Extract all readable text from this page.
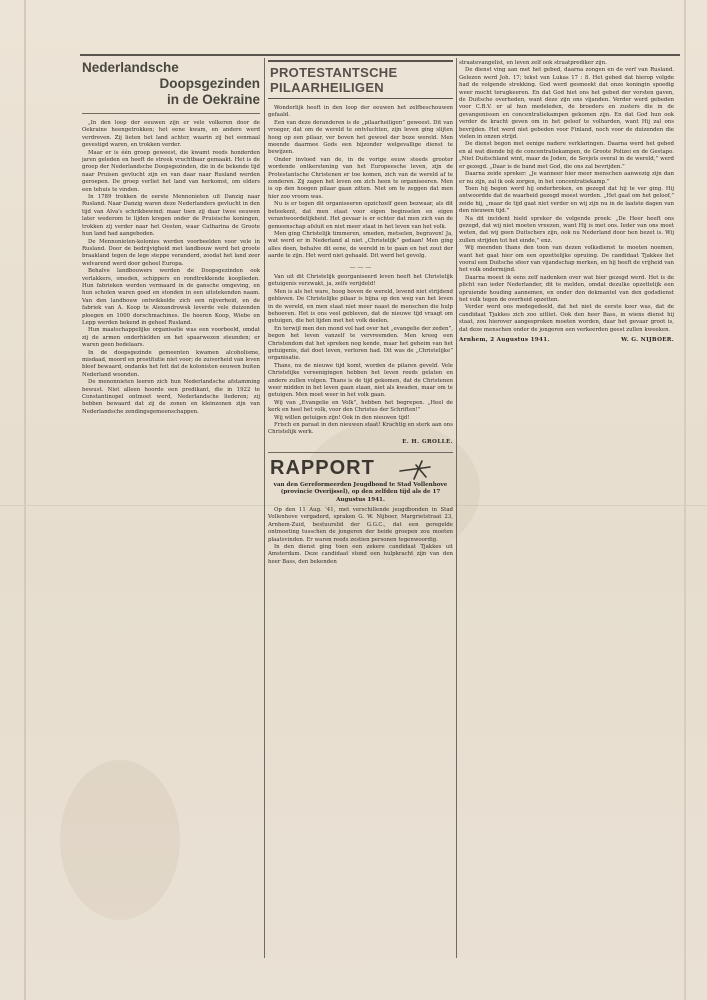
Nederlandsche
Doopsgezinden
in de Oekraine

„In den loop der eeuwen zijn er vele volkeren door de Oekraine heengetrokken; het eene kwam, en andere werd verdreven. Zij lieten het land achter, waarin zij het eenmaal gevestigd waren, en trokken verder.

Maar er is één groep geweest, die kwamt reeds honderden jaren geleden en heeft de streek vruchtbaar gemaakt. Het is de groep der Nederlandsche Doopsgezinden, die in de bekende tijd naar Pruisen gevlucht zijn en van daar naar Rusland werden geroepen. De groep verliet het land van herkomst, om elders een tehuis te vinden.

In 1789 trokken de eerste Mennonieten uit Danzig naar Rusland. Naar Danzig waren deze Nederlanders gevlucht in den tijd van Alva's schrikbewind; maar toen zij daar twee eeuwen later wederom te lijden kregen onder de Pruisische koningen, trokken zij verder naar het Oosten, waar Catharina de Groote hun land had aangeboden.

De Mennonieten-kolonies werden voorbeelden voor vele in Rusland. Door de bedrijvigheid met landbouw werd het groote braakland tegen de lege steppe veranderd, zoodat het land zeer welvarend werd door geheel Europa.

Behalve landbouwers werden de Doopsgezinden ook verlakkers, smeden, schippers en rondtrekkende kooplieden. Hun fabrieken werden vermaard in de gansche omgeving, en hun scholen waren goed en stonden in een uitstekenden naam. Van den landbouw ontwikkelde zich een nijverheid, en de fabriek van A. Koop te Alexandrowsk leverde vele duizenden ploegen en 1000 dorschmachines. De heeren Koop, Wiebe en Lepp werden bekend in geheel Rusland.

Hun maatschappelijke organisatie was een voorbeeld, omdat zij de armen onderhielden en het spaarwezen steunden; er waren geen bedelaars.

In de doopsgezinde gemeenten kwamen alcoholisme, misdaad, moord en prostitutie niet voor; de zuiverheid van leven bleef bewaard, ondanks het feit dat de kolonisten eeuwen buiten Nederland woonden.

De menonnieten leeren zich hun Nederlandsche afstamming bewust. Niet alleen hoorde een predikant, die in 1922 te Constantinopel ontmoet werd, Nederlandsche liederen; zij hebben bewaard dat zij de zonen en kleinzonen zijn van Nederlandsche zendingsgemeenschappen.

PROTESTANTSCHE
PILAARHEILIGEN

Wonderlijk heeft in den loop der eeuwen het zelfbeschouwen gefaald.

Een van deze deranderen is de „pilaarheiligen” geweest. Dit van vroeger, dat om de wereld te ontvluchten, zijn leven ging slijten hoog op een pilaar, ver boven het gewoel der boze wereld. Men meende daarmee Gods een bijzonder welgevallige dienst te bewijzen.

Onder invloed van de, in de vorige eeuw steeds grooter wordende ontkerstening van het Europeesche leven, zijn de Protestantsche Christenen er toe komen, zich van de wereld af te zonderen. Zij zagen het leven om zich heen te organiseeren. Men is op den hoogen pilaar gaan zitten. Niet om te zeggen dat men hier zoo vroom was.

Nu is er tegen dit organiseeren opzichzelf geen bezwaar, als dit beteekent, dat men staat voor eigen beginselen en eigen verantwoordelijkheid. Het gevaar is er echter dat men zich van de gemeenschap afsluit en niet meer staat in het leven van het volk.

Men ging Christelijk timmeren, smeden, metselen, begraven! Ja, wat werd er in Nederland al niet „Christelijk” gedaan! Men ging alles doen, behalve dit eene, de wereld in te gaan en het zout der aarde te zijn. Het werd niet gehaald. Dit werd het gevolg.

— — —

Van uit dit Christelijk georganiseerd leven heeft het Christelijk getuigenis verzwakt, ja, zelfs verijdeld!

Men is als het ware, hoog boven de wereld, levend niet strijdend gebleven. De Christelijke pilaar is bijna op den weg van het leven in de wereld, en men staat niet meer naast de menschen die hulp behoeven. Het is ons veel gebleven, dat de nieuwe tijd vraagt om getuigen, die het lijden met het volk deelen.

En terwijl men den mond vol had over het „evangelie der zeden”, begon het leven vanzelf te vervreemden. Men kreeg een Christendom dat het spreken nog kende, maar het geheim van het getuigenis, dat doet leven, verloren had. Dit was de „Christelijke” organisatie.

Thans, nu de nieuwe tijd komt, worden de pilaren geveld. Vele Christelijke vereenigingen hebben het leven reeds gelaten en andere zullen volgen. Thans is de tijd gekomen, dat de Christenen weer midden in het leven gaan staan, niet als kwaden, maar om te getuigen. Men moet weer in het volk gaan.

Wij van „Evangelie en Volk”, hebben het begrepen. „Heel de kerk en heel het volk, voor den Christus der Schriften!”

Wij willen getuigen zijn! Ook in den nieuwen tijd!

Frisch en paraat in den nieuwen staat! Krachtig en sterk aan ons Christelijk werk.

E. H. GROLLE.
RAPPORT
van den Gereformeerden Jeugdbond te Stad Vollenhove (provincie Overijssel), op den zelfden tijd als de 17 Augustus 1941.

Op den 11 Aug. '41, met verschillende jeugdbonden in Stad Vollenhove vergaderd, spraken G. W. Nijboer, Margrietstraat 23, Arnhem-Zuid, bestuurslid der G.G.C., dat een geregelde ontmoeting tusschen de jongeren der beide groepen zou moeten plaatsvinden. Er waren reeds zestien personen tegenwoordig.

In den dienst ging toen een zekere candidaat Tjakkes uit Amsterdam. Deze candidaat stond een hulpkracht zijn van den heer Bass, den bekenden

straatevangelist, en leven zelf ook straatprediker zijn.

De dienst ving aan met het gebed, daarna zongen en de verf van Rusland. Gelezen werd Joh. 17; tekst van Lukas 17 : 8. Het gebed dat hierop volgde had de volgende strekking. God werd gesmeekt dat onze koningin spoedig weer mocht terugkeeren. En dat God hiet ons het gebed der vorsten gaven, de Duitsche overheden, want deze zijn ons vijanden. Verder werd gebeden voor C.B.V. er al hun medeleden, de broeders en zusters die in de gevangenissen en concentratiekampen gekomen zijn. En dat God hun ook verder de kracht geven om in het geloof te volharden, want Hij zal ons bevrijden. Het werd niet gebeden voor Finland, noch voor de duizenden die vielen in onzen strijd.

De dienst begon met eenige nadere verklaringen. Daarna werd het gebed en al wat diende bij de concentratiekampen, de Groote Polizei en de Gestapo. „Niet Duitschland wint, maar de Joden, de Sovjets overal in de wereld,” werd er gezegd. „Daar is de band met God, die ons zal bevrijden.”

Daarna zeide spreker: „Je wanneer hier meer menschen aanwezig zijn dan er nu zijn, zal ik ook zorgen, in het concentratiekamp.”

Toen hij begon werd hij onderbroken, en gezegd dat hij te ver ging. Hij antwoordde dat de waarheid gezegd moest worden. „Het gaat om het geloof,” zeide hij, „maar de tijd gaat niet verder en wij zijn nu in de laatste dagen van den nieuwen tijd.”

Na dit incident hield spreker de volgende preek: „De Heer heeft ons gezegd, dat wij niet moeten vreezen, want Hij is met ons. Ieder van ons moet weten, dat wij geen Duitschers zijn, ook nu Nederland door hen bezet is. Wij zullen strijden tot het einde,” enz.

Wij meenden thans den toon van dezen volksdienst te moeten noemen, want het gaat hier om een opzettelijke opruiing. De candidaat Tjakkes liet vooral een Duitsche sfeer van vijandschap merken, en hij heeft de vrijheid van het volk ondermijnd.

Daarna moest ik eens zelf nadenken over wat hier gezegd werd. Het is de plicht van ieder Nederlander, dit te melden, omdat dezulke opzettelijk een opruiende houding aannemen, en onder den dekmantel van den godsdienst het volk tegen de overheid opzetten.

Verder werd ons medegedeeld, dat het niet de eerste keer was, dat de candidaat Tjakkes zich zoo uitliet. Ook den heer Bass, in wiens dienst hij staat, zou hierover aangesproken moeten worden, daar het gevaar groot is, dat deze menschen onder de jongeren een verkeerden geest zullen kweeken.

Arnhem, 2 Augustus 1941.	W. G. NIJBOER.
